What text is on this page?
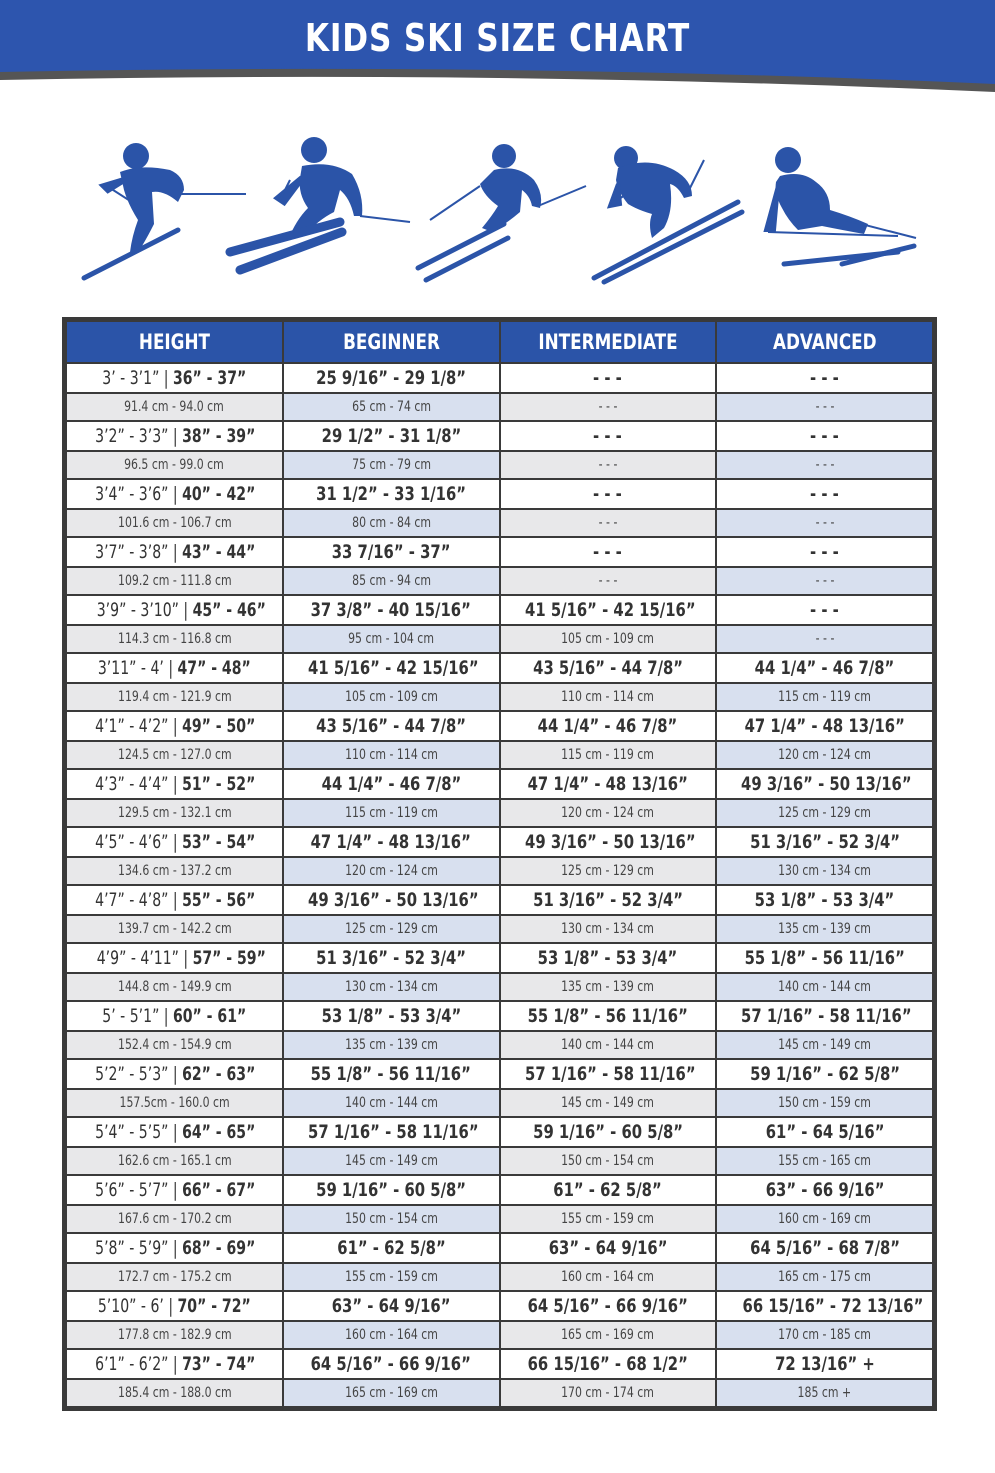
KIDS SKI SIZE CHART
HEIGHT	BEGINNER	INTERMEDIATE	ADVANCED
3’ - 3’1” | 36” - 37”	25 9/16” - 29 1/8”	- - -	- - -
91.4 cm - 94.0 cm	65 cm - 74 cm	- - -	- - -
3’2” - 3’3” | 38” - 39”	29 1/2” - 31 1/8”	- - -	- - -
96.5 cm - 99.0 cm	75 cm - 79 cm	- - -	- - -
3’4” - 3’6” | 40” - 42”	31 1/2” - 33 1/16”	- - -	- - -
101.6 cm - 106.7 cm	80 cm - 84 cm	- - -	- - -
3’7” - 3’8” | 43” - 44”	33 7/16” - 37”	- - -	- - -
109.2 cm - 111.8 cm	85 cm - 94 cm	- - -	- - -
3’9” - 3’10” | 45” - 46”	37 3/8” - 40 15/16”	41 5/16” - 42 15/16”	- - -
114.3 cm - 116.8 cm	95 cm - 104 cm	105 cm - 109 cm	- - -
3’11” - 4’ | 47” - 48”	41 5/16” - 42 15/16”	43 5/16” - 44 7/8”	44 1/4” - 46 7/8”
119.4 cm - 121.9 cm	105 cm - 109 cm	110 cm - 114 cm	115 cm - 119 cm
4’1” - 4’2” | 49” - 50”	43 5/16” - 44 7/8”	44 1/4” - 46 7/8”	47 1/4” - 48 13/16”
124.5 cm - 127.0 cm	110 cm - 114 cm	115 cm - 119 cm	120 cm - 124 cm
4’3” - 4’4” | 51” - 52”	44 1/4” - 46 7/8”	47 1/4” - 48 13/16”	49 3/16” - 50 13/16”
129.5 cm - 132.1 cm	115 cm - 119 cm	120 cm - 124 cm	125 cm - 129 cm
4’5” - 4’6” | 53” - 54”	47 1/4” - 48 13/16”	49 3/16” - 50 13/16”	51 3/16” - 52 3/4”
134.6 cm - 137.2 cm	120 cm - 124 cm	125 cm - 129 cm	130 cm - 134 cm
4’7” - 4’8” | 55” - 56”	49 3/16” - 50 13/16”	51 3/16” - 52 3/4”	53 1/8” - 53 3/4”
139.7 cm - 142.2 cm	125 cm - 129 cm	130 cm - 134 cm	135 cm - 139 cm
4’9” - 4’11” | 57” - 59”	51 3/16” - 52 3/4”	53 1/8” - 53 3/4”	55 1/8” - 56 11/16”
144.8 cm - 149.9 cm	130 cm - 134 cm	135 cm - 139 cm	140 cm - 144 cm
5’ - 5’1” | 60” - 61”	53 1/8” - 53 3/4”	55 1/8” - 56 11/16”	57 1/16” - 58 11/16”
152.4 cm - 154.9 cm	135 cm - 139 cm	140 cm - 144 cm	145 cm - 149 cm
5’2” - 5’3” | 62” - 63”	55 1/8” - 56 11/16”	57 1/16” - 58 11/16”	59 1/16” - 62 5/8”
157.5cm - 160.0 cm	140 cm - 144 cm	145 cm - 149 cm	150 cm - 159 cm
5’4” - 5’5” | 64” - 65”	57 1/16” - 58 11/16”	59 1/16” - 60 5/8”	61” - 64 5/16”
162.6 cm - 165.1 cm	145 cm - 149 cm	150 cm - 154 cm	155 cm - 165 cm
5’6” - 5’7” | 66” - 67”	59 1/16” - 60 5/8”	61” - 62 5/8”	63” - 66 9/16”
167.6 cm - 170.2 cm	150 cm - 154 cm	155 cm - 159 cm	160 cm - 169 cm
5’8” - 5’9” | 68” - 69”	61” - 62 5/8”	63” - 64 9/16”	64 5/16” - 68 7/8”
172.7 cm - 175.2 cm	155 cm - 159 cm	160 cm - 164 cm	165 cm - 175 cm
5’10” - 6’ | 70” - 72”	63” - 64 9/16”	64 5/16” - 66 9/16”	66 15/16” - 72 13/16”
177.8 cm - 182.9 cm	160 cm - 164 cm	165 cm - 169 cm	170 cm - 185 cm
6’1” - 6’2” | 73” - 74”	64 5/16” - 66 9/16”	66 15/16” - 68 1/2”	72 13/16” +
185.4 cm - 188.0 cm	165 cm - 169 cm	170 cm - 174 cm	185 cm +
